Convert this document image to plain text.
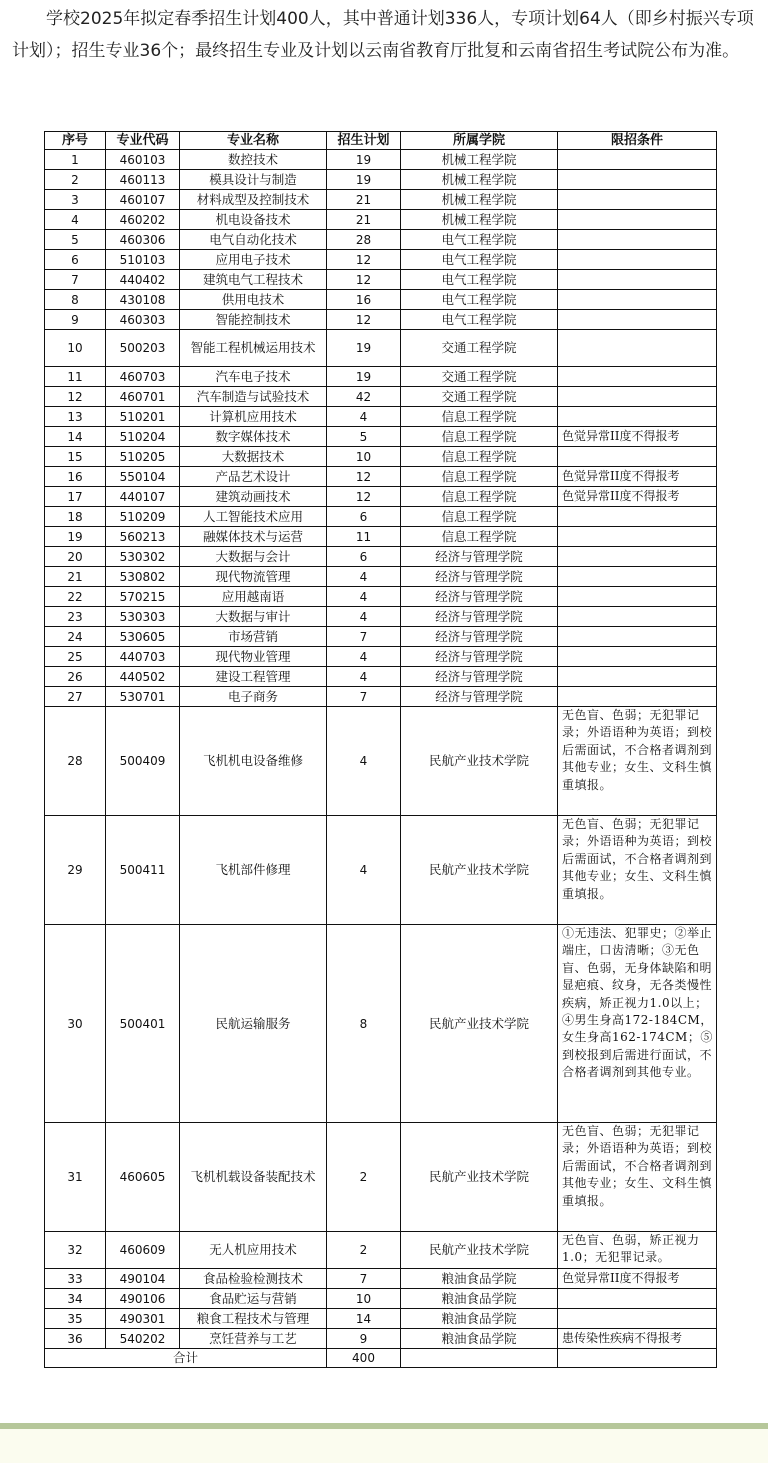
学校2025年拟定春季招生计划400人，其中普通计划336人，专项计划64人（即乡村振兴专项计划）；招生专业36个；最终招生专业及计划以云南省教育厅批复和云南省招生考试院公布为准。

序号	专业代码	专业名称	招生计划	所属学院	限招条件
1	460103	数控技术	19	机械工程学院	
2	460113	模具设计与制造	19	机械工程学院	
3	460107	材料成型及控制技术	21	机械工程学院	
4	460202	机电设备技术	21	机械工程学院	
5	460306	电气自动化技术	28	电气工程学院	
6	510103	应用电子技术	12	电气工程学院	
7	440402	建筑电气工程技术	12	电气工程学院	
8	430108	供用电技术	16	电气工程学院	
9	460303	智能控制技术	12	电气工程学院	
10	500203	智能工程机械运用技术	19	交通工程学院	
11	460703	汽车电子技术	19	交通工程学院	
12	460701	汽车制造与试验技术	42	交通工程学院	
13	510201	计算机应用技术	4	信息工程学院	
14	510204	数字媒体技术	5	信息工程学院	色觉异常II度不得报考
15	510205	大数据技术	10	信息工程学院	
16	550104	产品艺术设计	12	信息工程学院	色觉异常II度不得报考
17	440107	建筑动画技术	12	信息工程学院	色觉异常II度不得报考
18	510209	人工智能技术应用	6	信息工程学院	
19	560213	融媒体技术与运营	11	信息工程学院	
20	530302	大数据与会计	6	经济与管理学院	
21	530802	现代物流管理	4	经济与管理学院	
22	570215	应用越南语	4	经济与管理学院	
23	530303	大数据与审计	4	经济与管理学院	
24	530605	市场营销	7	经济与管理学院	
25	440703	现代物业管理	4	经济与管理学院	
26	440502	建设工程管理	4	经济与管理学院	
27	530701	电子商务	7	经济与管理学院	
28	500409	飞机机电设备维修	4	民航产业技术学院	无色盲、色弱；无犯罪记录；外语语种为英语；到校后需面试，不合格者调剂到其他专业；女生、文科生慎重填报。
29	500411	飞机部件修理	4	民航产业技术学院	无色盲、色弱；无犯罪记录；外语语种为英语；到校后需面试，不合格者调剂到其他专业；女生、文科生慎重填报。
30	500401	民航运输服务	8	民航产业技术学院	①无违法、犯罪史；②举止端庄，口齿清晰；③无色盲、色弱，无身体缺陷和明显疤痕、纹身，无各类慢性疾病，矫正视力1.0以上；④男生身高172-184CM，女生身高162-174CM；⑤到校报到后需进行面试，不合格者调剂到其他专业。
31	460605	飞机机载设备装配技术	2	民航产业技术学院	无色盲、色弱；无犯罪记录；外语语种为英语；到校后需面试，不合格者调剂到其他专业；女生、文科生慎重填报。
32	460609	无人机应用技术	2	民航产业技术学院	无色盲、色弱，矫正视力1.0；无犯罪记录。
33	490104	食品检验检测技术	7	粮油食品学院	色觉异常II度不得报考
34	490106	食品贮运与营销	10	粮油食品学院	
35	490301	粮食工程技术与管理	14	粮油食品学院	
36	540202	烹饪营养与工艺	9	粮油食品学院	患传染性疾病不得报考
合计			400		
